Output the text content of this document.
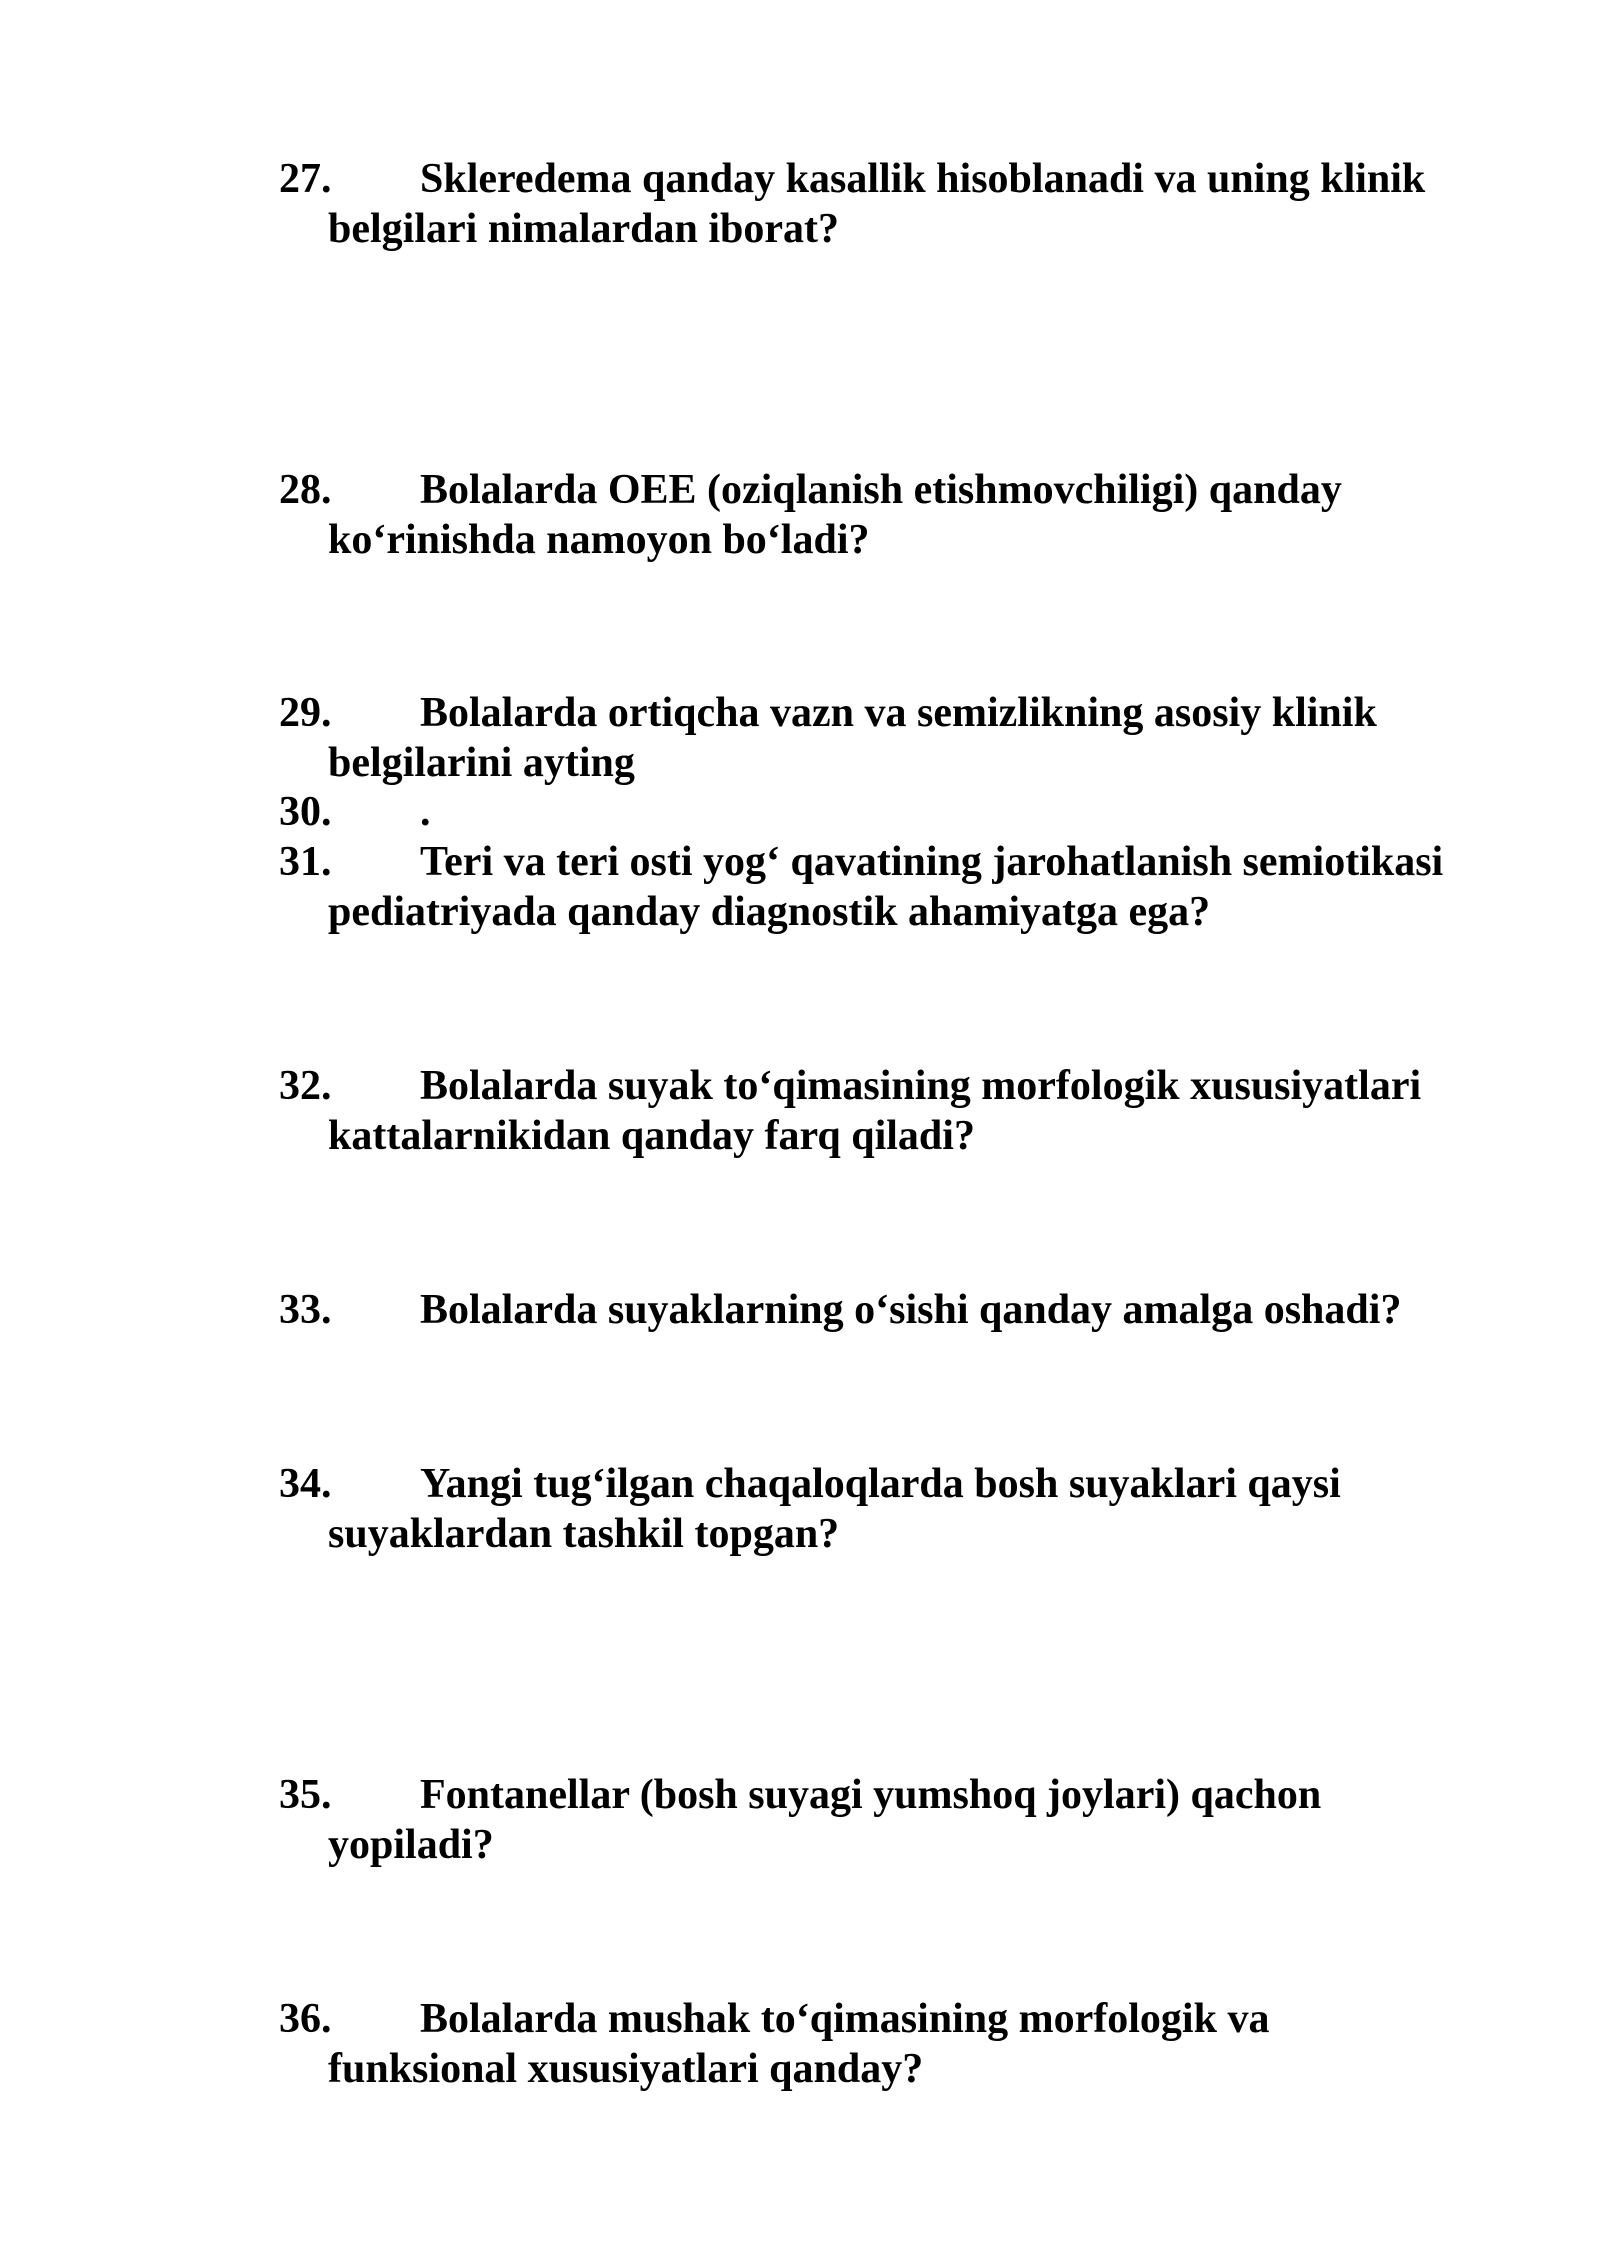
27. Skleredema qanday kasallik hisoblanadi va uning klinik
belgilari nimalardan iborat?
28. Bolalarda OEE (oziqlanish etishmovchiligi) qanday
ko‘rinishda namoyon bo‘ladi?
29. Bolalarda ortiqcha vazn va semizlikning asosiy klinik
belgilarini ayting
30. .
31. Teri va teri osti yog‘ qavatining jarohatlanish semiotikasi
pediatriyada qanday diagnostik ahamiyatga ega?
32. Bolalarda suyak to‘qimasining morfologik xususiyatlari
kattalarnikidan qanday farq qiladi?
33. Bolalarda suyaklarning o‘sishi qanday amalga oshadi?
34. Yangi tug‘ilgan chaqaloqlarda bosh suyaklari qaysi
suyaklardan tashkil topgan?
35. Fontanellar (bosh suyagi yumshoq joylari) qachon
yopiladi?
36. Bolalarda mushak to‘qimasining morfologik va
funksional xususiyatlari qanday?
